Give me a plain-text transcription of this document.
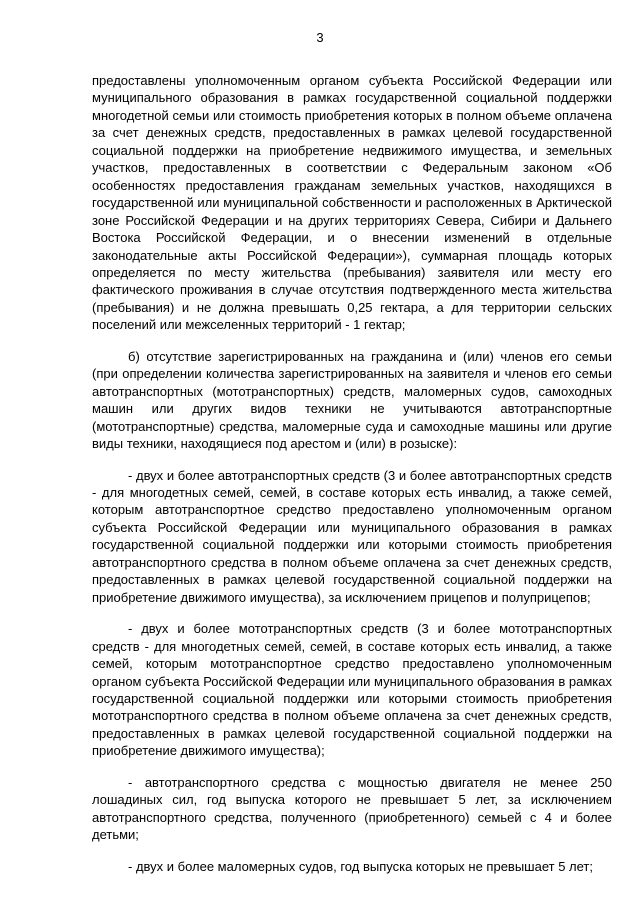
3

предоставлены уполномоченным органом субъекта Российской Федерации или муниципального образования в рамках государственной социальной поддержки многодетной семьи или стоимость приобретения которых в полном объеме оплачена за счет денежных средств, предоставленных в рамках целевой государственной социальной поддержки на приобретение недвижимого имущества, и земельных участков, предоставленных в соответствии с Федеральным законом «Об особенностях предоставления гражданам земельных участков, находящихся в государственной или муниципальной собственности и расположенных в Арктической зоне Российской Федерации и на других территориях Севера, Сибири и Дальнего Востока Российской Федерации, и о внесении изменений в отдельные законодательные акты Российской Федерации»), суммарная площадь которых определяется по месту жительства (пребывания) заявителя или месту его фактического проживания в случае отсутствия подтвержденного места жительства (пребывания) и не должна превышать 0,25 гектара, а для территории сельских поселений или межселенных территорий - 1 гектар;

б) отсутствие зарегистрированных на гражданина и (или) членов его семьи (при определении количества зарегистрированных на заявителя и членов его семьи автотранспортных (мототранспортных) средств, маломерных судов, самоходных машин или других видов техники не учитываются автотранспортные (мототранспортные) средства, маломерные суда и самоходные машины или другие виды техники, находящиеся под арестом и (или) в розыске):

- двух и более автотранспортных средств (3 и более автотранспортных средств - для многодетных семей, семей, в составе которых есть инвалид, а также семей, которым автотранспортное средство предоставлено уполномоченным органом субъекта Российской Федерации или муниципального образования в рамках государственной социальной поддержки или которыми стоимость приобретения автотранспортного средства в полном объеме оплачена за счет денежных средств, предоставленных в рамках целевой государственной социальной поддержки на приобретение движимого имущества), за исключением прицепов и полуприцепов;

- двух и более мототранспортных средств (3 и более мототранспортных средств - для многодетных семей, семей, в составе которых есть инвалид, а также семей, которым мототранспортное средство предоставлено уполномоченным органом субъекта Российской Федерации или муниципального образования в рамках государственной социальной поддержки или которыми стоимость приобретения мототранспортного средства в полном объеме оплачена за счет денежных средств, предоставленных в рамках целевой государственной социальной поддержки на приобретение движимого имущества);

- автотранспортного средства с мощностью двигателя не менее 250 лошадиных сил, год выпуска которого не превышает 5 лет, за исключением автотранспортного средства, полученного (приобретенного) семьей с 4 и более детьми;

- двух и более маломерных судов, год выпуска которых не превышает 5 лет;
